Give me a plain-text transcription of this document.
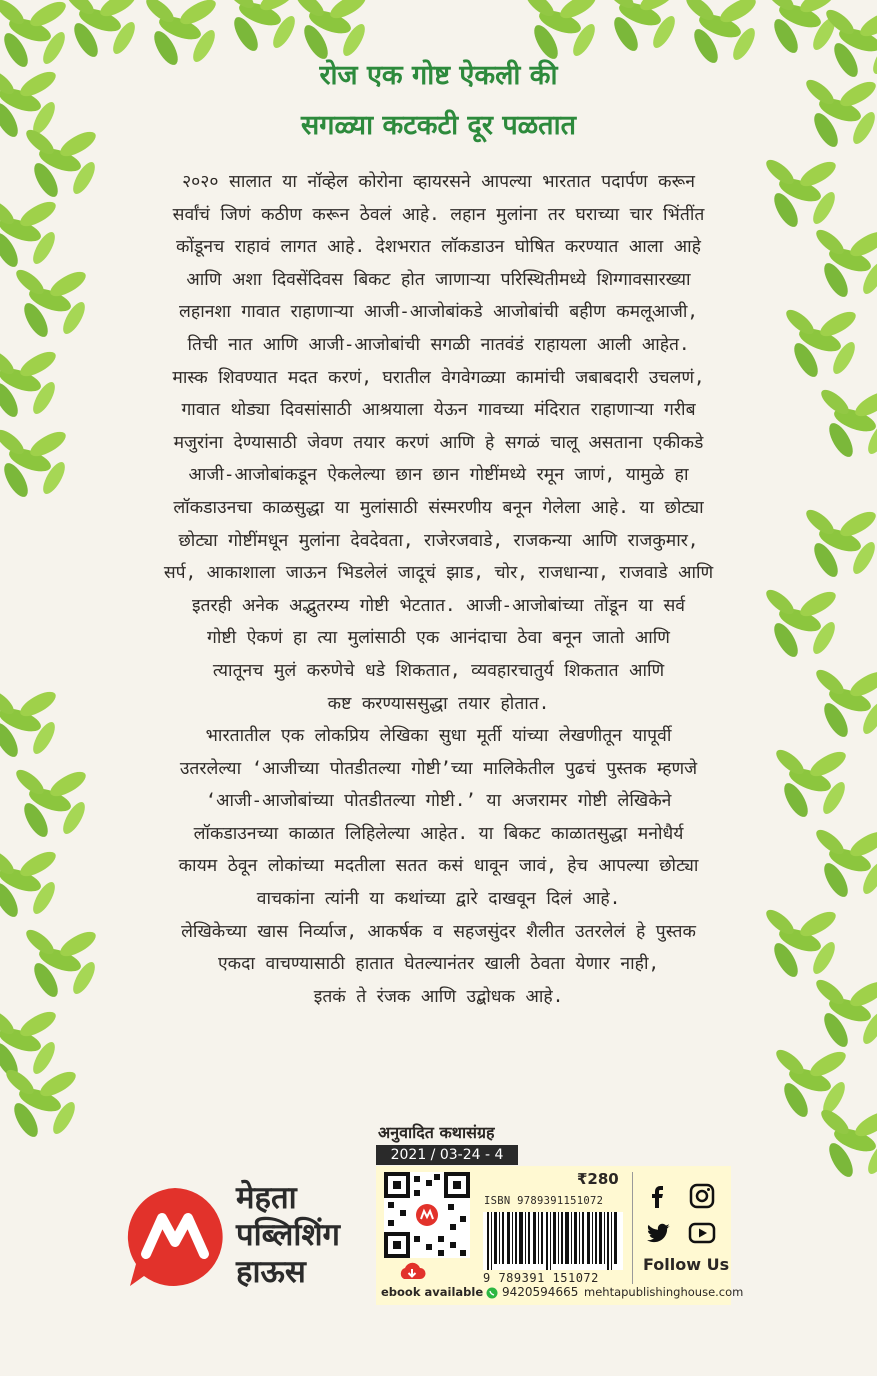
रोज एक गोष्ट ऐकली की
सगळ्या कटकटी दूर पळतात

२०२० सालात या नॉव्हेल कोरोना व्हायरसने आपल्या भारतात पदार्पण करून
सर्वांचं जिणं कठीण करून ठेवलं आहे. लहान मुलांना तर घराच्या चार भिंतींत
कोंडूनच राहावं लागत आहे. देशभरात लॉकडाउन घोषित करण्यात आला आहे
आणि अशा दिवसेंदिवस बिकट होत जाणाऱ्या परिस्थितीमध्ये शिग्गावसारख्या
लहानशा गावात राहाणाऱ्या आजी-आजोबांकडे आजोबांची बहीण कमलूआजी,
तिची नात आणि आजी-आजोबांची सगळी नातवंडं राहायला आली आहेत.
मास्क शिवण्यात मदत करणं, घरातील वेगवेगळ्या कामांची जबाबदारी उचलणं,
गावात थोड्या दिवसांसाठी आश्रयाला येऊन गावच्या मंदिरात राहाणाऱ्या गरीब
मजुरांना देण्यासाठी जेवण तयार करणं आणि हे सगळं चालू असताना एकीकडे
आजी-आजोबांकडून ऐकलेल्या छान छान गोष्टींमध्ये रमून जाणं, यामुळे हा
लॉकडाउनचा काळसुद्धा या मुलांसाठी संस्मरणीय बनून गेलेला आहे. या छोट्या
छोट्या गोष्टींमधून मुलांना देवदेवता, राजेरजवाडे, राजकन्या आणि राजकुमार,
सर्प, आकाशाला जाऊन भिडलेलं जादूचं झाड, चोर, राजधान्या, राजवाडे आणि
इतरही अनेक अद्भुतरम्य गोष्टी भेटतात. आजी-आजोबांच्या तोंडून या सर्व
गोष्टी ऐकणं हा त्या मुलांसाठी एक आनंदाचा ठेवा बनून जातो आणि
त्यातूनच मुलं करुणेचे धडे शिकतात, व्यवहारचातुर्य शिकतात आणि
कष्ट करण्याससुद्धा तयार होतात.

भारतातील एक लोकप्रिय लेखिका सुधा मूर्ती यांच्या लेखणीतून यापूर्वी
उतरलेल्या ‘आजीच्या पोतडीतल्या गोष्टी’च्या मालिकेतील पुढचं पुस्तक म्हणजे
‘आजी-आजोबांच्या पोतडीतल्या गोष्टी.’ या अजरामर गोष्टी लेखिकेने
लॉकडाउनच्या काळात लिहिलेल्या आहेत. या बिकट काळातसुद्धा मनोधैर्य
कायम ठेवून लोकांच्या मदतीला सतत कसं धावून जावं, हेच आपल्या छोट्या
वाचकांना त्यांनी या कथांच्या द्वारे दाखवून दिलं आहे.

लेखिकेच्या खास निर्व्याज, आकर्षक व सहजसुंदर शैलीत उतरलेलं हे पुस्तक
एकदा वाचण्यासाठी हातात घेतल्यानंतर खाली ठेवता येणार नाही,
इतकं ते रंजक आणि उद्बोधक आहे.

अनुवादित कथासंग्रह
2021 / 03-24 - 4
मेहता
पब्लिशिंग
हाऊस
ebook available
₹280
ISBN 9789391151072
9 789391 151072
Follow Us
9420594665 mehtapublishinghouse.com
